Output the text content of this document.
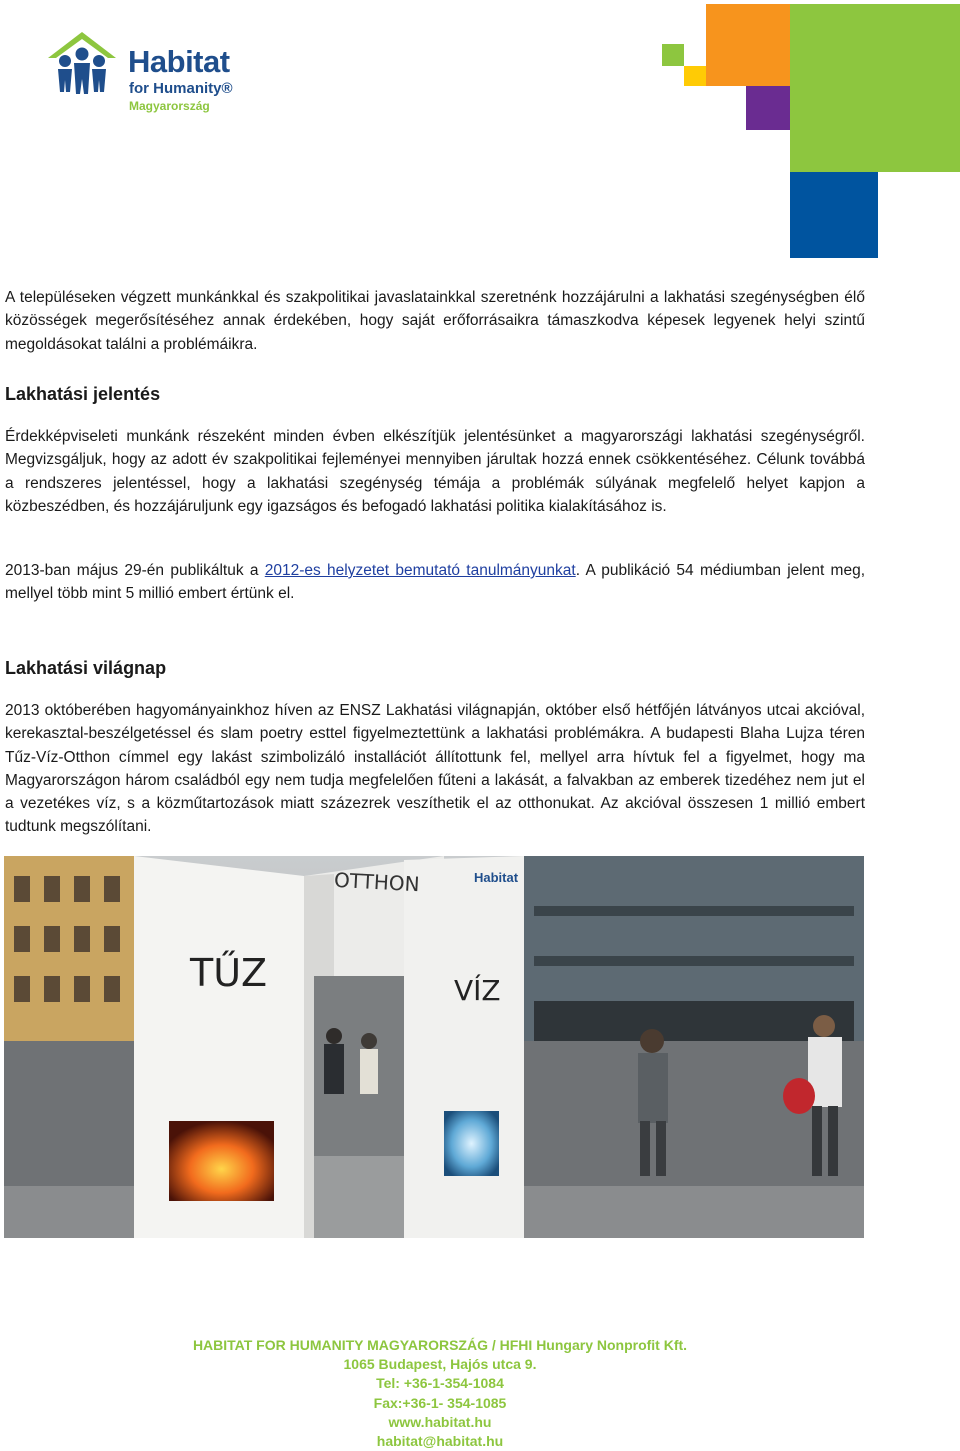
Habitat
for Humanity®
Magyarország

A településeken végzett munkánkkal és szakpolitikai javaslatainkkal szeretnénk hozzájárulni a lakhatási szegénységben élő közösségek megerősítéséhez annak érdekében, hogy saját erőforrásaikra támaszkodva képesek legyenek helyi szintű megoldásokat találni a problémáikra.

Lakhatási jelentés

Érdekképviseleti munkánk részeként minden évben elkészítjük jelentésünket a magyarországi lakhatási szegénységről. Megvizsgáljuk, hogy az adott év szakpolitikai fejleményei mennyiben járultak hozzá ennek csökkentéséhez. Célunk továbbá a rendszeres jelentéssel, hogy a lakhatási szegénység témája a problémák súlyának megfelelő helyet kapjon a közbeszédben, és hozzájáruljunk egy igazságos és befogadó lakhatási politika kialakításához is.

2013-ban május 29-én publikáltuk a 2012-es helyzetet bemutató tanulmányunkat. A publikáció 54 médiumban jelent meg, mellyel több mint 5 millió embert értünk el.

Lakhatási világnap

2013 októberében hagyományainkhoz híven az ENSZ Lakhatási világnapján, október első hétfőjén látványos utcai akcióval, kerekasztal-beszélgetéssel és slam poetry esttel figyelmeztettünk a lakhatási problémákra. A budapesti Blaha Lujza téren Tűz-Víz-Otthon címmel egy lakást szimbolizáló installációt állítottunk fel, mellyel arra hívtuk fel a figyelmet, hogy ma Magyarországon három családból egy nem tudja megfelelően fűteni a lakását, a falvakban az emberek tizedéhez nem jut el a vezetékes víz, s a közműtartozások miatt százezrek veszíthetik el az otthonukat. Az akcióval összesen 1 millió embert tudtunk megszólítani.

OTTHON
TŰZ	VÍZ
Habitat
HABITAT FOR HUMANITY MAGYARORSZÁG / HFHI Hungary Nonprofit Kft.
1065 Budapest, Hajós utca 9.
Tel: +36-1-354-1084
Fax:+36-1- 354-1085
www.habitat.hu
habitat@habitat.hu
